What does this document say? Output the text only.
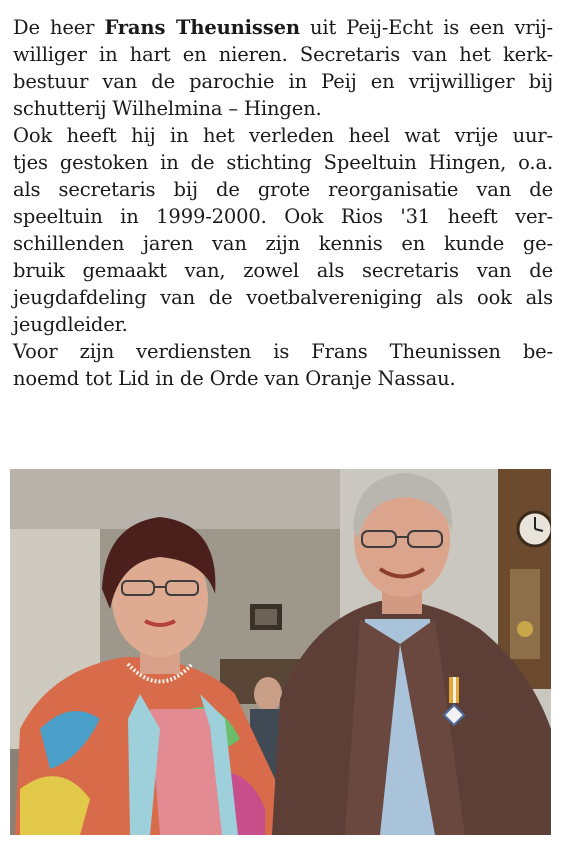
De heer Frans Theunissen uit Peij-Echt is een vrij-
williger in hart en nieren. Secretaris van het kerk-
bestuur van de parochie in Peij en vrijwilliger bij
schutterij Wilhelmina – Hingen.
Ook heeft hij in het verleden heel wat vrije uur-
tjes gestoken in de stichting Speeltuin Hingen, o.a.
als secretaris bij de grote reorganisatie van de
speeltuin in 1999-2000. Ook Rios '31 heeft ver-
schillenden jaren van zijn kennis en kunde ge-
bruik gemaakt van, zowel als secretaris van de
jeugdafdeling van de voetbalvereniging als ook als
jeugdleider.
Voor zijn verdiensten is Frans Theunissen be-
noemd tot Lid in de Orde van Oranje Nassau.
